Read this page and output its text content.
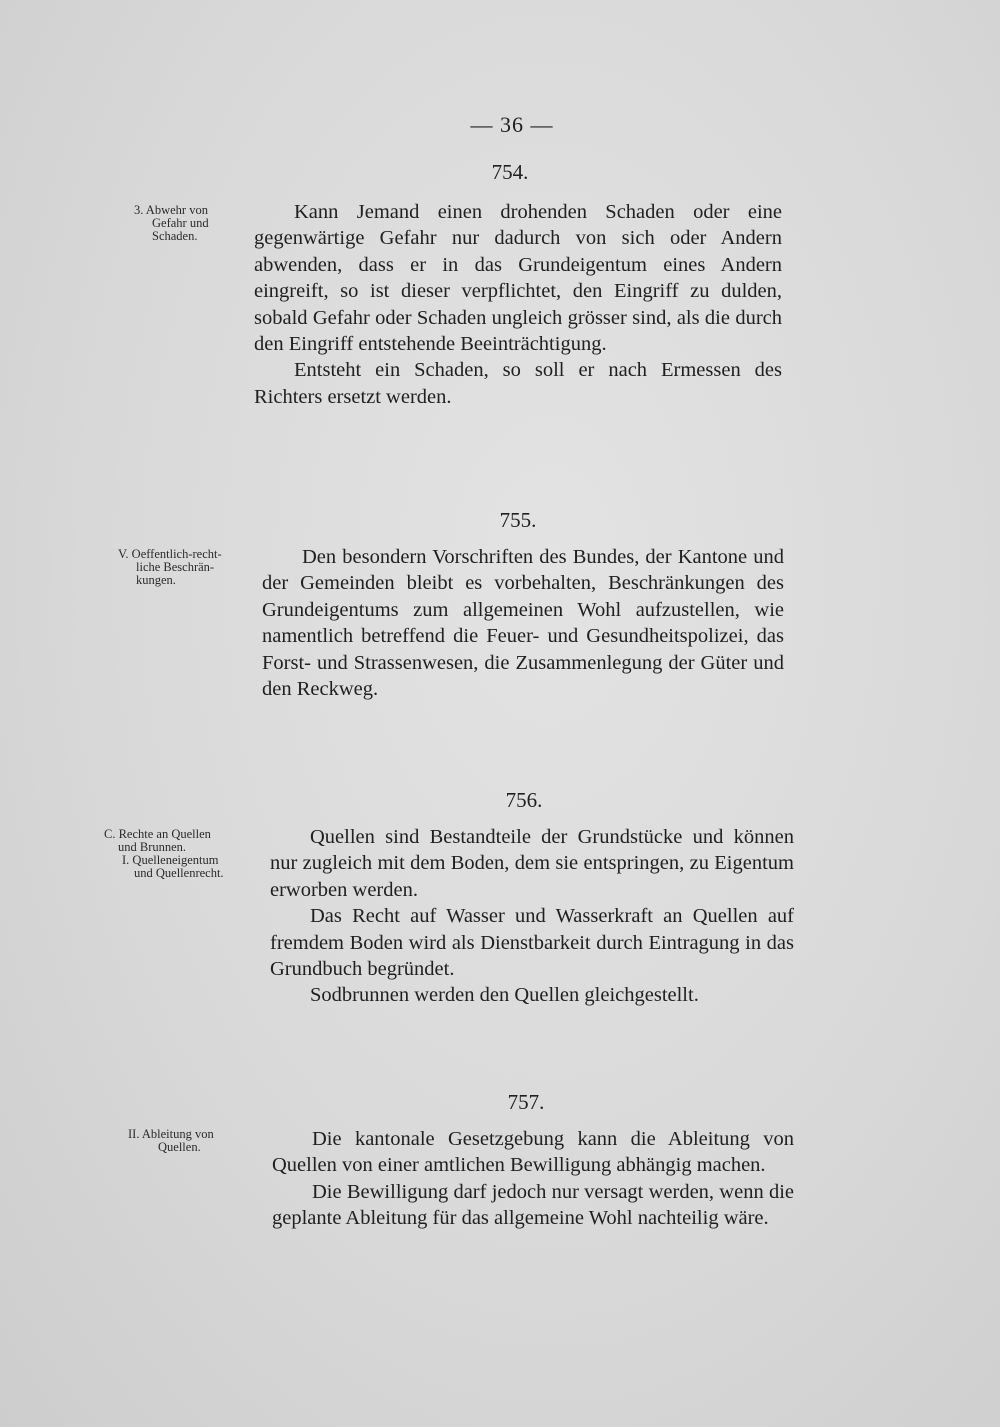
— 36 —
754.
3. Abwehr von
Gefahr und
Schaden.

Kann Jemand einen drohenden Schaden oder eine gegenwärtige Gefahr nur dadurch von sich oder Andern abwenden, dass er in das Grundeigentum eines Andern eingreift, so ist dieser verpflichtet, den Eingriff zu dulden, sobald Gefahr oder Schaden ungleich grösser sind, als die durch den Eingriff entstehende Beeinträchtigung.

Entsteht ein Schaden, so soll er nach Ermessen des Richters ersetzt werden.

755.
V. Oeffentlich-recht-
liche Beschrän-
kungen.

Den besondern Vorschriften des Bundes, der Kantone und der Gemeinden bleibt es vorbehalten, Beschränkungen des Grundeigentums zum allgemeinen Wohl aufzustellen, wie namentlich betreffend die Feuer- und Gesundheitspolizei, das Forst- und Strassenwesen, die Zusammenlegung der Güter und den Reckweg.

756.
C. Rechte an Quellen
und Brunnen.
I. Quelleneigentum
und Quellenrecht.

Quellen sind Bestandteile der Grundstücke und können nur zugleich mit dem Boden, dem sie entspringen, zu Eigentum erworben werden.

Das Recht auf Wasser und Wasserkraft an Quellen auf fremdem Boden wird als Dienstbarkeit durch Eintragung in das Grundbuch begründet.

Sodbrunnen werden den Quellen gleichgestellt.

757.
II. Ableitung von
Quellen.	Die kantonale Gesetzgebung kann die Ableitung von Quellen von einer amtlichen Bewilligung abhängig machen.

Die Bewilligung darf jedoch nur versagt werden, wenn die geplante Ableitung für das allgemeine Wohl nachteilig wäre.
